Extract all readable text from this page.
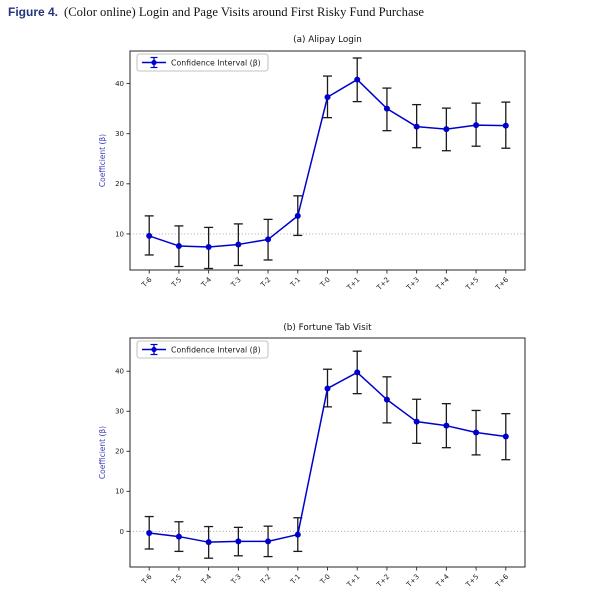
Figure 4. (Color online) Login and Page Visits around First Risky Fund Purchase
(a) Alipay Login
10
20
30
40
T-6 T-5 T-4 T-3 T-2 T-1 T-0 T+1 T+2 T+3 T+4 T+5 T+6
Coefficient (β)
Confidence Interval (β)
(b) Fortune Tab Visit
0
10
20
30
40
T-6 T-5 T-4 T-3 T-2 T-1 T-0 T+1 T+2 T+3 T+4 T+5 T+6
Coefficient (β)
Confidence Interval (β)
